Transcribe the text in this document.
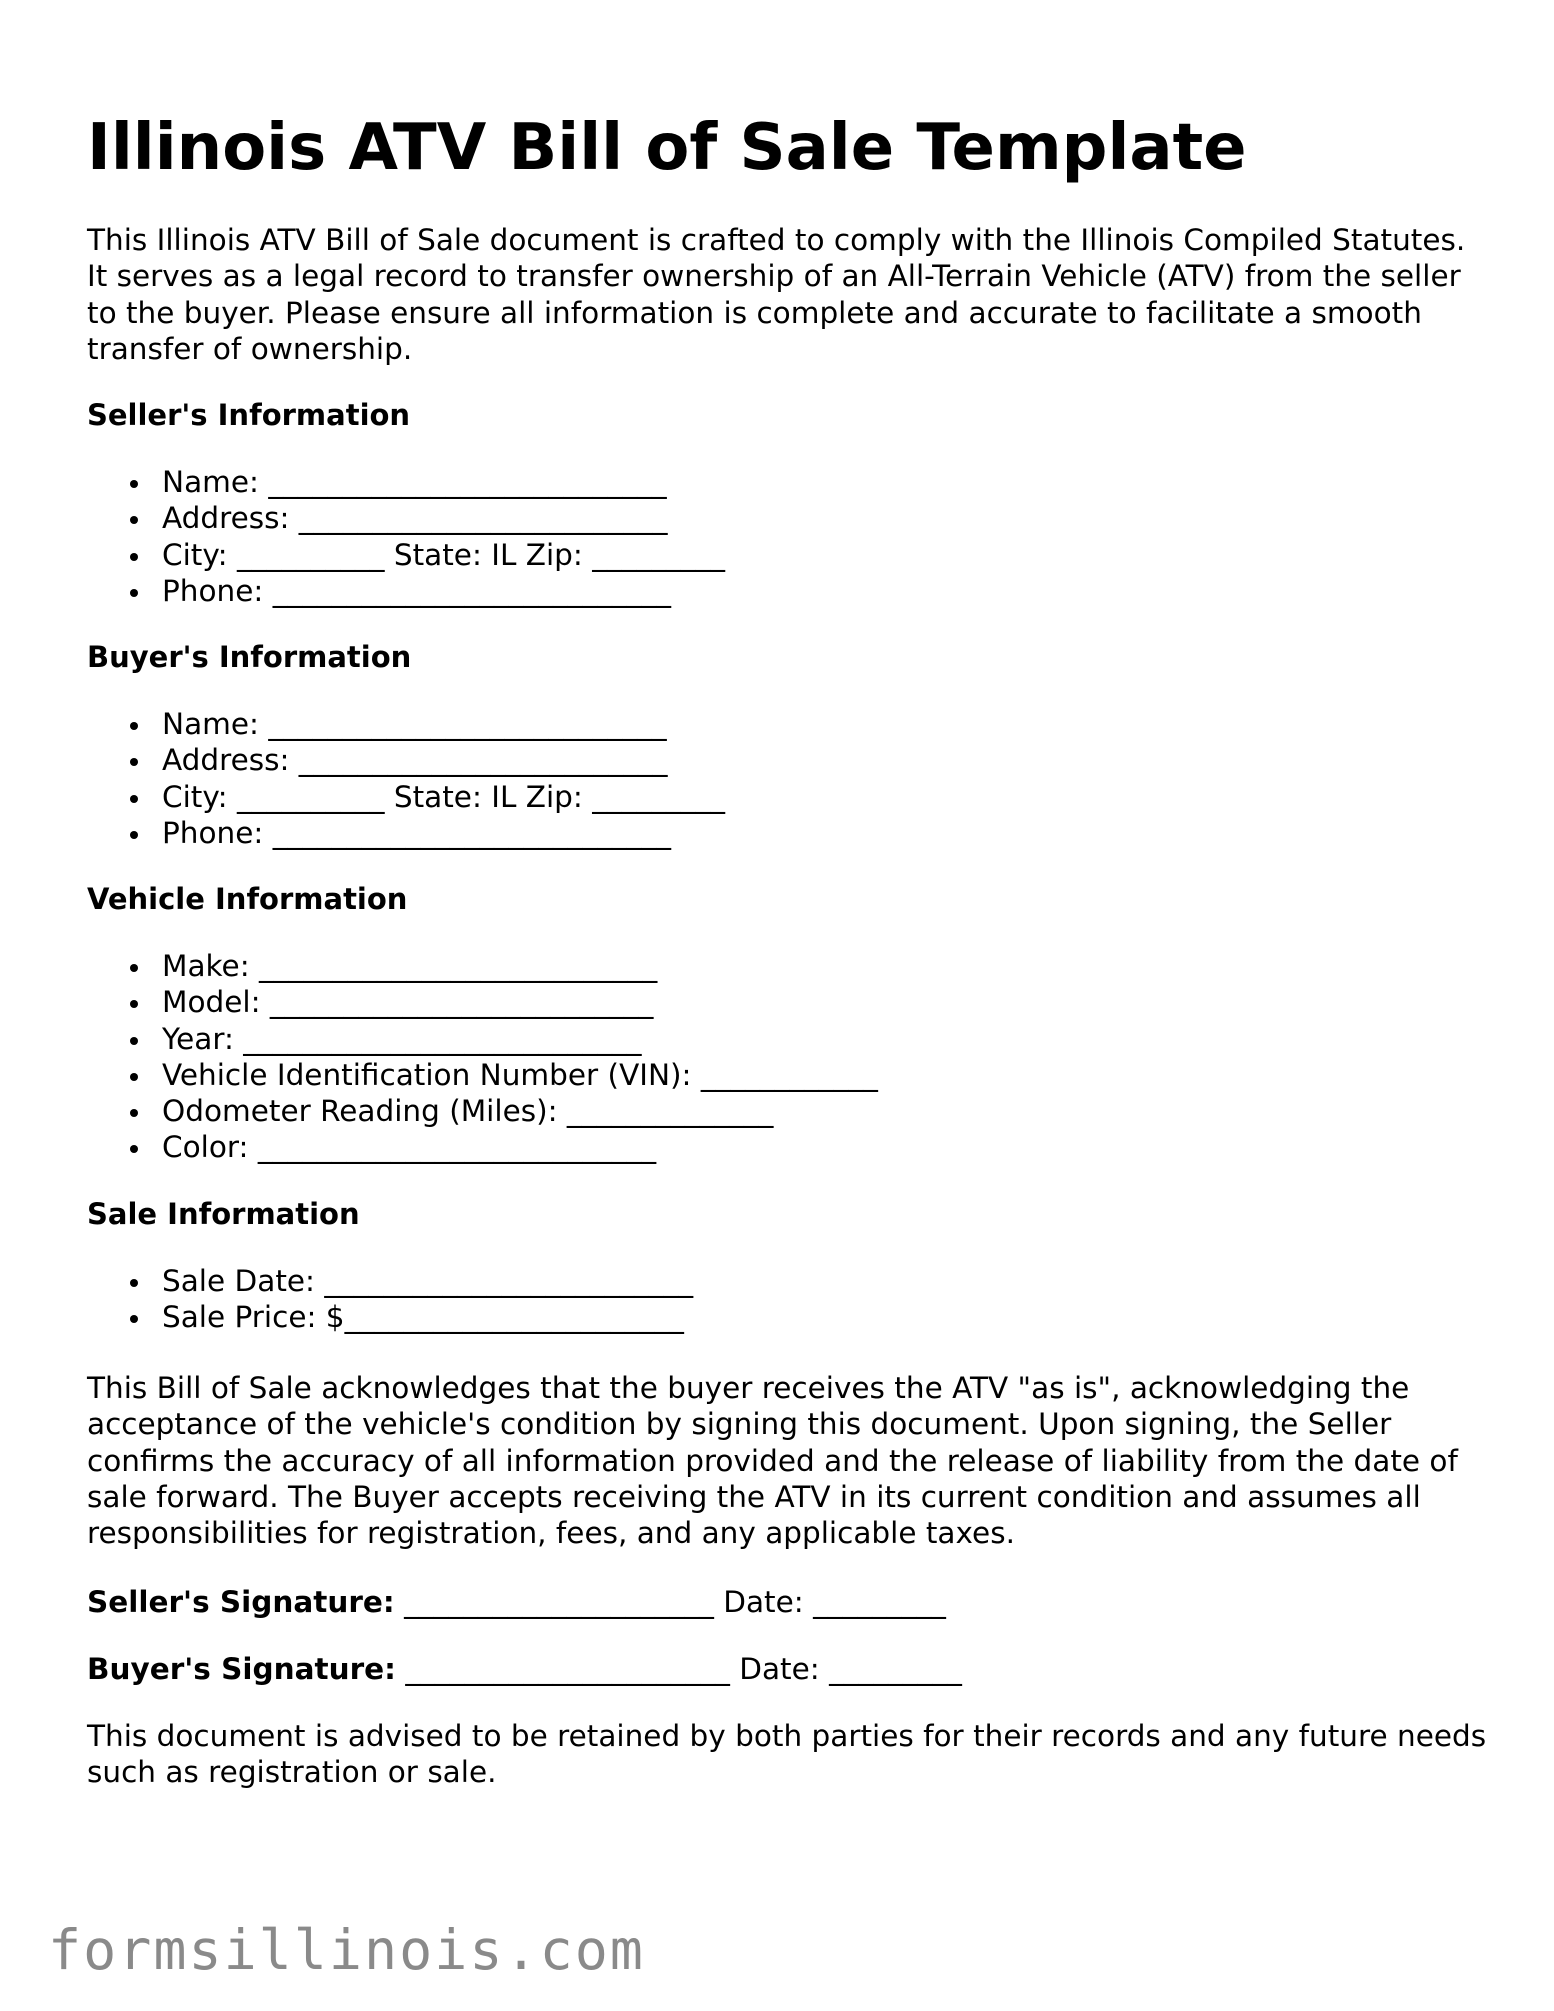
Illinois ATV Bill of Sale Template

This Illinois ATV Bill of Sale document is crafted to comply with the Illinois Compiled Statutes. It serves as a legal record to transfer ownership of an All-Terrain Vehicle (ATV) from the seller to the buyer. Please ensure all information is complete and accurate to facilitate a smooth transfer of ownership.

Seller's Information

Name: ___________________________
Address: _________________________
City: __________ State: IL Zip: _________
Phone: ___________________________

Buyer's Information

Name: ___________________________
Address: _________________________
City: __________ State: IL Zip: _________
Phone: ___________________________

Vehicle Information

Make: ___________________________
Model: __________________________
Year: ___________________________
Vehicle Identification Number (VIN): ____________
Odometer Reading (Miles): ______________
Color: ___________________________

Sale Information

Sale Date: _________________________
Sale Price: $_______________________

This Bill of Sale acknowledges that the buyer receives the ATV "as is", acknowledging the acceptance of the vehicle's condition by signing this document. Upon signing, the Seller confirms the accuracy of all information provided and the release of liability from the date of sale forward. The Buyer accepts receiving the ATV in its current condition and assumes all responsibilities for registration, fees, and any applicable taxes.

Seller's Signature: _____________________ Date: _________

Buyer's Signature: ______________________ Date: _________

This document is advised to be retained by both parties for their records and any future needs such as registration or sale.

formsillinois.com
